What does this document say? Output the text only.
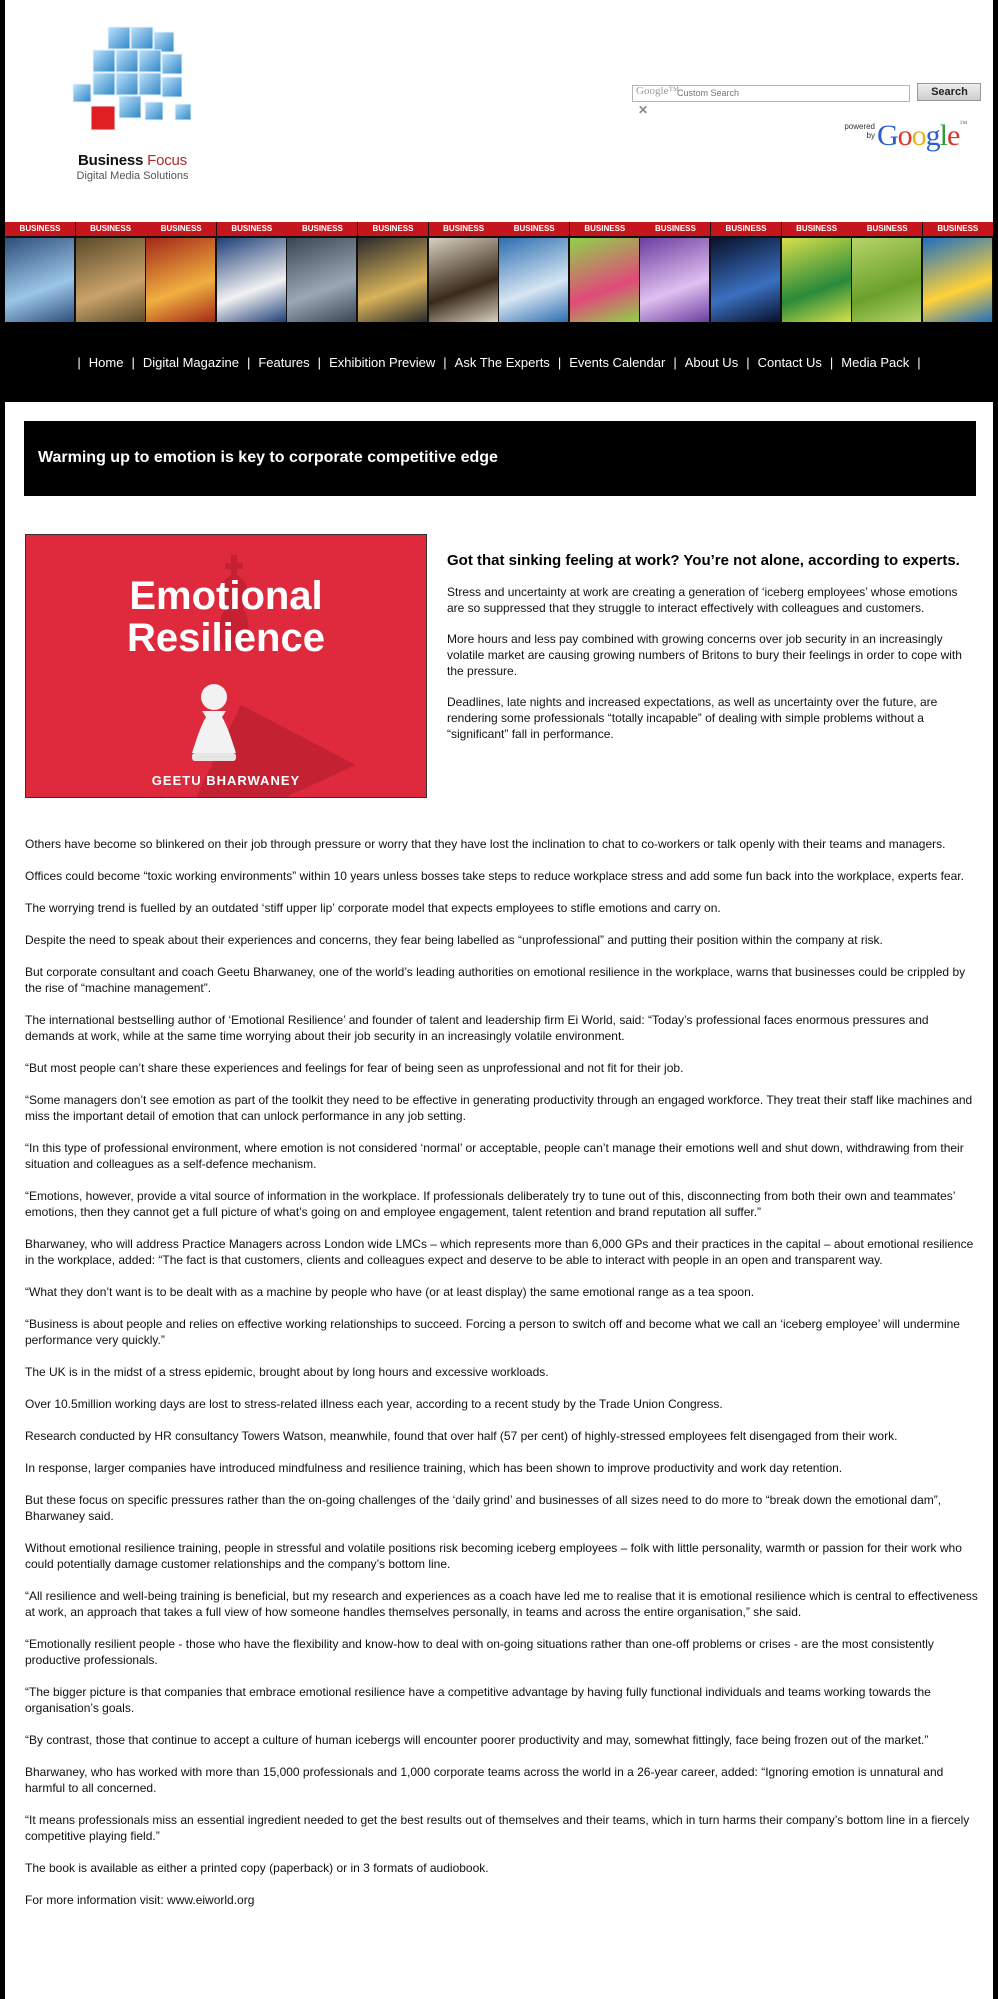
Business Focus
Digital Media Solutions
Custom Search
Google™	Search ✕
powered by Google™
BUSINESS	BUSINESS	BUSINESS	BUSINESS	BUSINESS	BUSINESS	BUSINESS	BUSINESS	BUSINESS	BUSINESS	BUSINESS	BUSINESS	BUSINESS	BUSINESS
| Home | Digital Magazine | Features | Exhibition Preview | Ask The Experts | Events Calendar | About Us | Contact Us | Media Pack |
Warming up to emotion is key to corporate competitive edge
Emotional
Resilience
GEETU BHARWANEY
Got that sinking feeling at work? You’re not alone, according to experts.

Stress and uncertainty at work are creating a generation of ‘iceberg employees’ whose emotions are so suppressed that they struggle to interact effectively with colleagues and customers.

More hours and less pay combined with growing concerns over job security in an increasingly volatile market are causing growing numbers of Britons to bury their feelings in order to cope with the pressure.

Deadlines, late nights and increased expectations, as well as uncertainty over the future, are rendering some professionals “totally incapable” of dealing with simple problems without a “significant” fall in performance.

Others have become so blinkered on their job through pressure or worry that they have lost the inclination to chat to co-workers or talk openly with their teams and managers.

Offices could become “toxic working environments” within 10 years unless bosses take steps to reduce workplace stress and add some fun back into the workplace, experts fear.

The worrying trend is fuelled by an outdated ‘stiff upper lip’ corporate model that expects employees to stifle emotions and carry on.

Despite the need to speak about their experiences and concerns, they fear being labelled as “unprofessional” and putting their position within the company at risk.

But corporate consultant and coach Geetu Bharwaney, one of the world’s leading authorities on emotional resilience in the workplace, warns that businesses could be crippled by the rise of “machine management”.

The international bestselling author of ‘Emotional Resilience’ and founder of talent and leadership firm Ei World, said: “Today’s professional faces enormous pressures and demands at work, while at the same time worrying about their job security in an increasingly volatile environment.

“But most people can’t share these experiences and feelings for fear of being seen as unprofessional and not fit for their job.

“Some managers don’t see emotion as part of the toolkit they need to be effective in generating productivity through an engaged workforce. They treat their staff like machines and miss the important detail of emotion that can unlock performance in any job setting.

“In this type of professional environment, where emotion is not considered ‘normal’ or acceptable, people can’t manage their emotions well and shut down, withdrawing from their situation and colleagues as a self-defence mechanism.

“Emotions, however, provide a vital source of information in the workplace. If professionals deliberately try to tune out of this, disconnecting from both their own and teammates’ emotions, then they cannot get a full picture of what’s going on and employee engagement, talent retention and brand reputation all suffer.”

Bharwaney, who will address Practice Managers across London wide LMCs – which represents more than 6,000 GPs and their practices in the capital – about emotional resilience in the workplace, added: “The fact is that customers, clients and colleagues expect and deserve to be able to interact with people in an open and transparent way.

“What they don’t want is to be dealt with as a machine by people who have (or at least display) the same emotional range as a tea spoon.

“Business is about people and relies on effective working relationships to succeed. Forcing a person to switch off and become what we call an ‘iceberg employee’ will undermine performance very quickly.”

The UK is in the midst of a stress epidemic, brought about by long hours and excessive workloads.

Over 10.5million working days are lost to stress-related illness each year, according to a recent study by the Trade Union Congress.

Research conducted by HR consultancy Towers Watson, meanwhile, found that over half (57 per cent) of highly-stressed employees felt disengaged from their work.

In response, larger companies have introduced mindfulness and resilience training, which has been shown to improve productivity and work day retention.

But these focus on specific pressures rather than the on-going challenges of the ‘daily grind’ and businesses of all sizes need to do more to “break down the emotional dam”, Bharwaney said.

Without emotional resilience training, people in stressful and volatile positions risk becoming iceberg employees – folk with little personality, warmth or passion for their work who could potentially damage customer relationships and the company’s bottom line.

“All resilience and well-being training is beneficial, but my research and experiences as a coach have led me to realise that it is emotional resilience which is central to effectiveness at work, an approach that takes a full view of how someone handles themselves personally, in teams and across the entire organisation,” she said.

“Emotionally resilient people - those who have the flexibility and know-how to deal with on-going situations rather than one-off problems or crises - are the most consistently productive professionals.

“The bigger picture is that companies that embrace emotional resilience have a competitive advantage by having fully functional individuals and teams working towards the organisation’s goals.

“By contrast, those that continue to accept a culture of human icebergs will encounter poorer productivity and may, somewhat fittingly, face being frozen out of the market.”

Bharwaney, who has worked with more than 15,000 professionals and 1,000 corporate teams across the world in a 26-year career, added: “Ignoring emotion is unnatural and harmful to all concerned.

“It means professionals miss an essential ingredient needed to get the best results out of themselves and their teams, which in turn harms their company’s bottom line in a fiercely competitive playing field.”

The book is available as either a printed copy (paperback) or in 3 formats of audiobook.

For more information visit: www.eiworld.org
